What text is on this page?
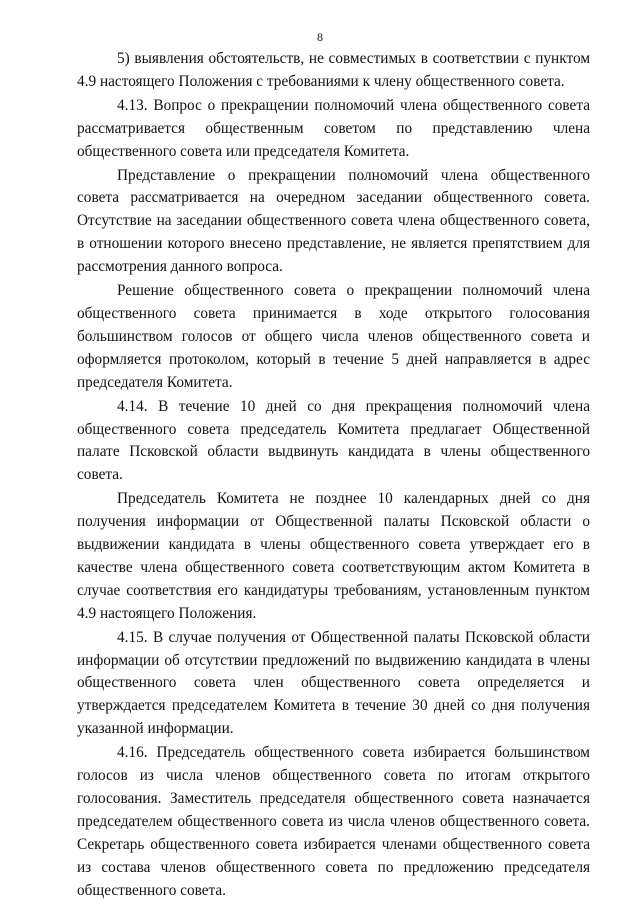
8

5) выявления обстоятельств, не совместимых в соответствии с пунктом 4.9 настоящего Положения с требованиями к члену общественного совета.

4.13. Вопрос о прекращении полномочий члена общественного совета рассматривается общественным советом по представлению члена общественного совета или председателя Комитета.

Представление о прекращении полномочий члена общественного совета рассматривается на очередном заседании общественного совета. Отсутствие на заседании общественного совета члена общественного совета, в отношении которого внесено представление, не является препятствием для рассмотрения данного вопроса.

Решение общественного совета о прекращении полномочий члена общественного совета принимается в ходе открытого голосования большинством голосов от общего числа членов общественного совета и оформляется протоколом, который в течение 5 дней направляется в адрес председателя Комитета.

4.14. В течение 10 дней со дня прекращения полномочий члена общественного совета председатель Комитета предлагает Общественной палате Псковской области выдвинуть кандидата в члены общественного совета.

Председатель Комитета не позднее 10 календарных дней со дня получения информации от Общественной палаты Псковской области о выдвижении кандидата в члены общественного совета утверждает его в качестве члена общественного совета соответствующим актом Комитета в случае соответствия его кандидатуры требованиям, установленным пунктом 4.9 настоящего Положения.

4.15. В случае получения от Общественной палаты Псковской области информации об отсутствии предложений по выдвижению кандидата в члены общественного совета член общественного совета определяется и утверждается председателем Комитета в течение 30 дней со дня получения указанной информации.

4.16. Председатель общественного совета избирается большинством голосов из числа членов общественного совета по итогам открытого голосования. Заместитель председателя общественного совета назначается председателем общественного совета из числа членов общественного совета. Секретарь общественного совета избирается членами общественного совета из состава членов общественного совета по предложению председателя общественного совета.
